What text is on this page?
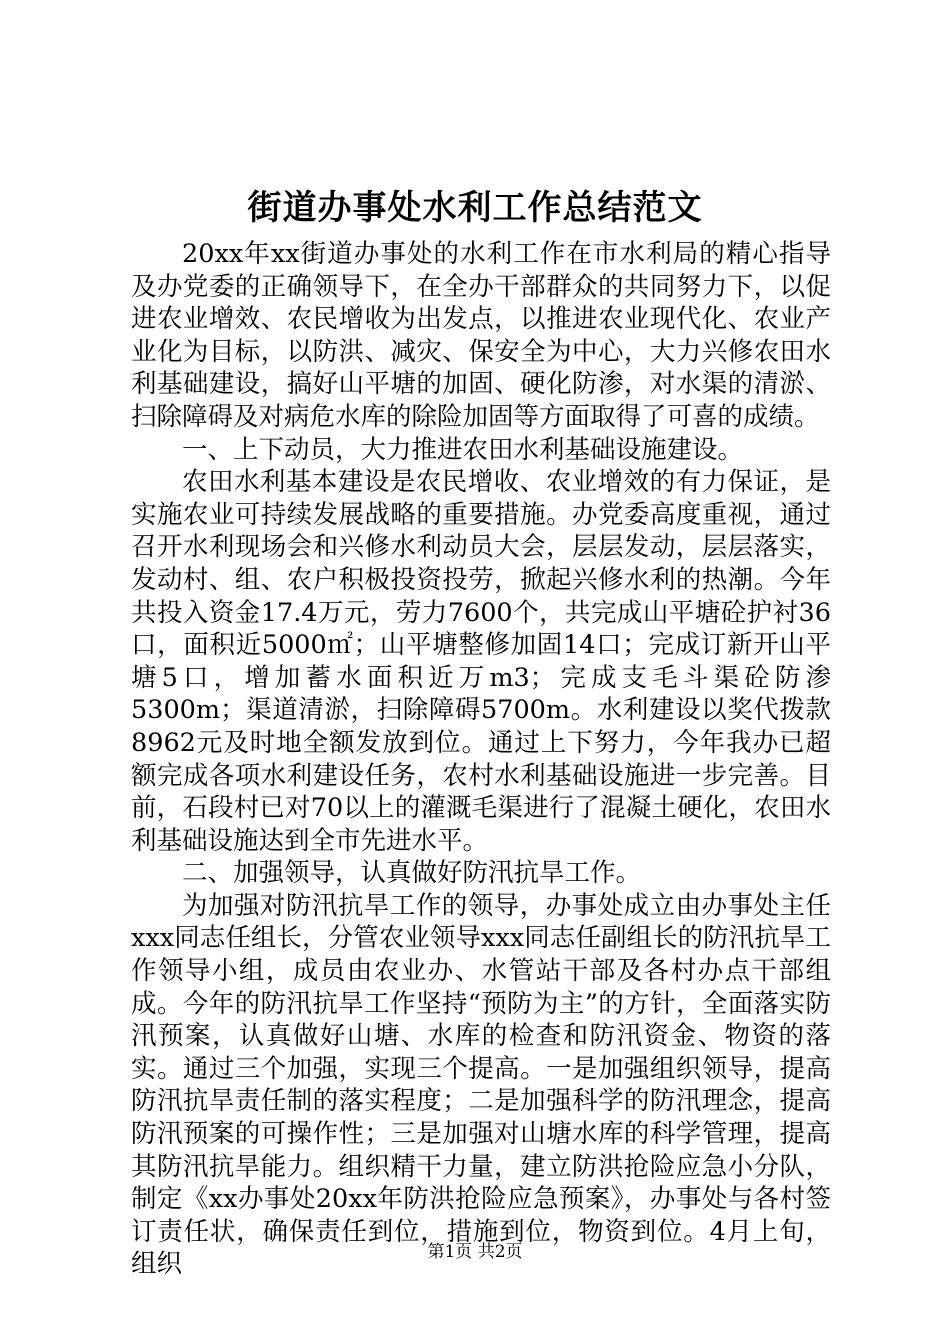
街道办事处水利工作总结范文

20xx年xx街道办事处的水利工作在市水利局的精心指导及办党委的正确领导下，在全办干部群众的共同努力下，以促进农业增效、农民增收为出发点，以推进农业现代化、农业产业化为目标，以防洪、减灾、保安全为中心，大力兴修农田水利基础建设，搞好山平塘的加固、硬化防渗，对水渠的清淤、扫除障碍及对病危水库的除险加固等方面取得了可喜的成绩。

一、上下动员，大力推进农田水利基础设施建设。

农田水利基本建设是农民增收、农业增效的有力保证，是实施农业可持续发展战略的重要措施。办党委高度重视，通过召开水利现场会和兴修水利动员大会，层层发动，层层落实，发动村、组、农户积极投资投劳，掀起兴修水利的热潮。今年共投入资金17.4万元，劳力7600个，共完成山平塘砼护衬36口，面积近5000㎡；山平塘整修加固14口；完成订新开山平塘5口，增加蓄水面积近万m3；完成支毛斗渠砼防渗5300m；渠道清淤，扫除障碍5700m。水利建设以奖代拨款8962元及时地全额发放到位。通过上下努力，今年我办已超额完成各项水利建设任务，农村水利基础设施进一步完善。目前，石段村已对70以上的灌溉毛渠进行了混凝土硬化，农田水利基础设施达到全市先进水平。

二、加强领导，认真做好防汛抗旱工作。

为加强对防汛抗旱工作的领导，办事处成立由办事处主任xxx同志任组长，分管农业领导xxx同志任副组长的防汛抗旱工作领导小组，成员由农业办、水管站干部及各村办点干部组成。今年的防汛抗旱工作坚持“预防为主”的方针，全面落实防汛预案，认真做好山塘、水库的检查和防汛资金、物资的落实。通过三个加强，实现三个提高。一是加强组织领导，提高防汛抗旱责任制的落实程度；二是加强科学的防汛理念，提高防汛预案的可操作性；三是加强对山塘水库的科学管理，提高其防汛抗旱能力。组织精干力量，建立防洪抢险应急小分队，制定《xx办事处20xx年防洪抢险应急预案》，办事处与各村签订责任状，确保责任到位，措施到位，物资到位。4月上旬，组织	第1页 共2页
